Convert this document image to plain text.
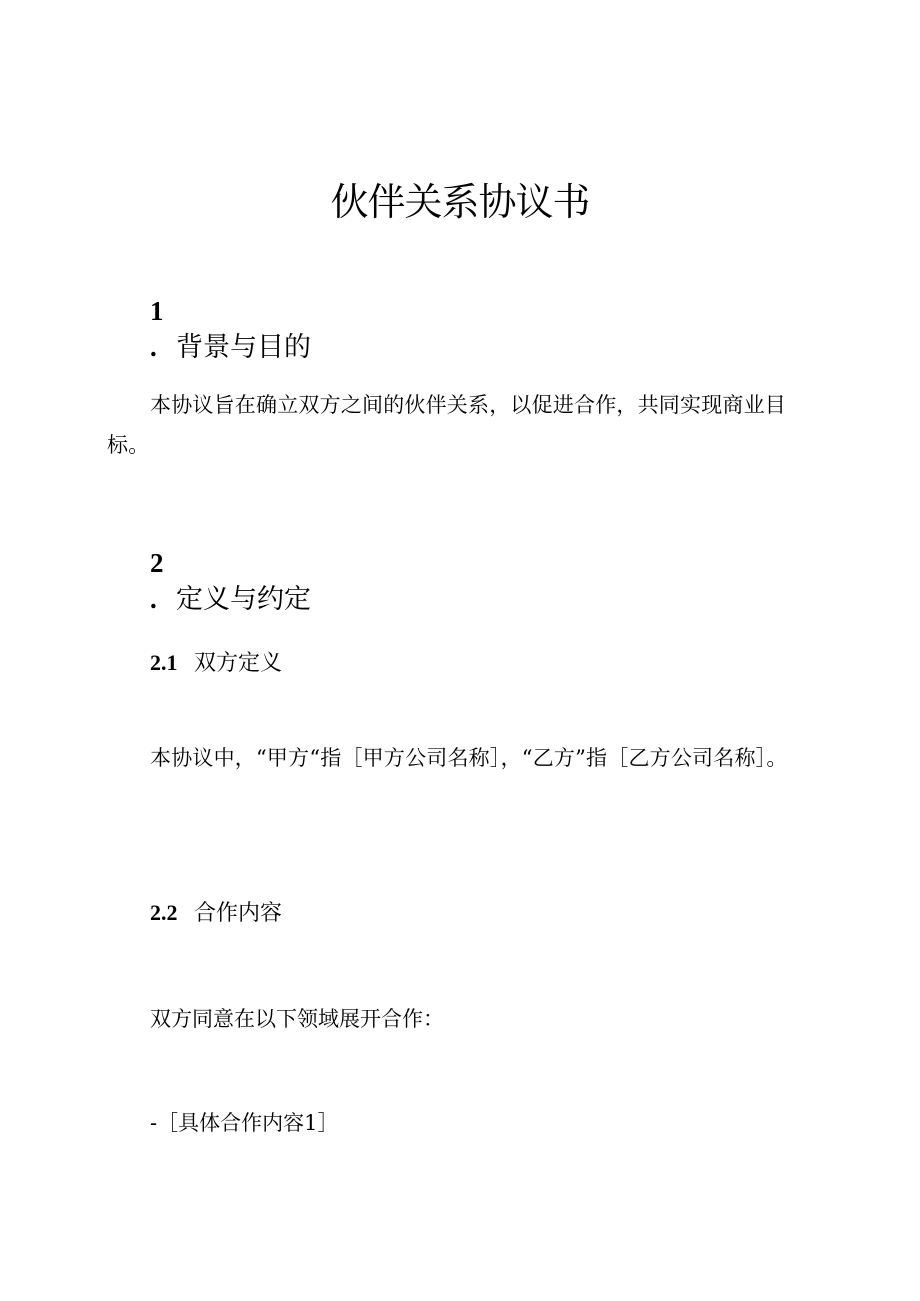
伙伴关系协议书
1 . 背景与目的
本协议旨在确立双方之间的伙伴关系，以促进合作，共同实现商业目标。
2 . 定义与约定
2.1 双方定义
本协议中，“甲方“指［甲方公司名称］，“乙方”指［乙方公司名称］。
2.2 合作内容
双方同意在以下领域展开合作：
-［具体合作内容1］
